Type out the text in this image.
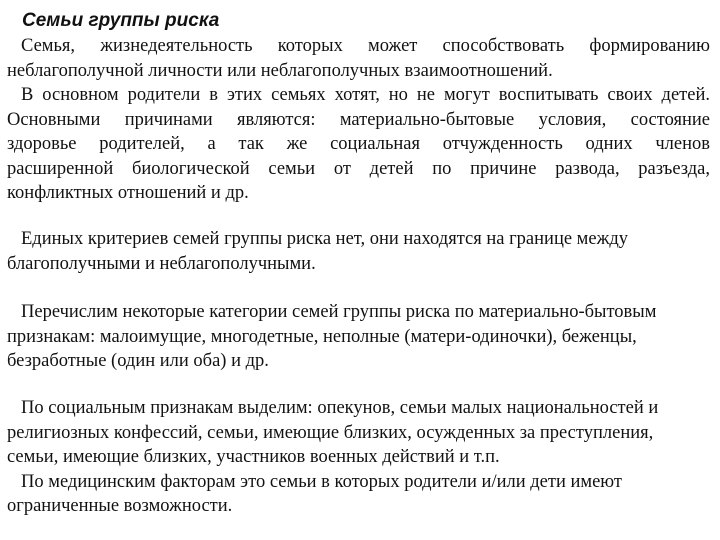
Семьи группы риска
Семья, жизнедеятельность которых может способствовать формированию
неблагополучной личности или неблагополучных взаимоотношений.
В основном родители в этих семьях хотят, но не могут воспитывать своих детей.
Основными причинами являются: материально-бытовые условия, состояние
здоровье родителей, а так же социальная отчужденность одних членов
расширенной биологической семьи от детей по причине развода, разъезда,
конфликтных отношений и др.
Единых критериев семей группы риска нет, они находятся на границе между
благополучными и неблагополучными.
Перечислим некоторые категории семей группы риска по материально-бытовым
признакам: малоимущие, многодетные, неполные (матери-одиночки), беженцы,
безработные (один или оба) и др.
По социальным признакам выделим: опекунов, семьи малых национальностей и
религиозных конфессий, семьи, имеющие близких, осужденных за преступления,
семьи, имеющие близких, участников военных действий и т.п.
По медицинским факторам это семьи в которых родители и/или дети имеют
ограниченные возможности.
